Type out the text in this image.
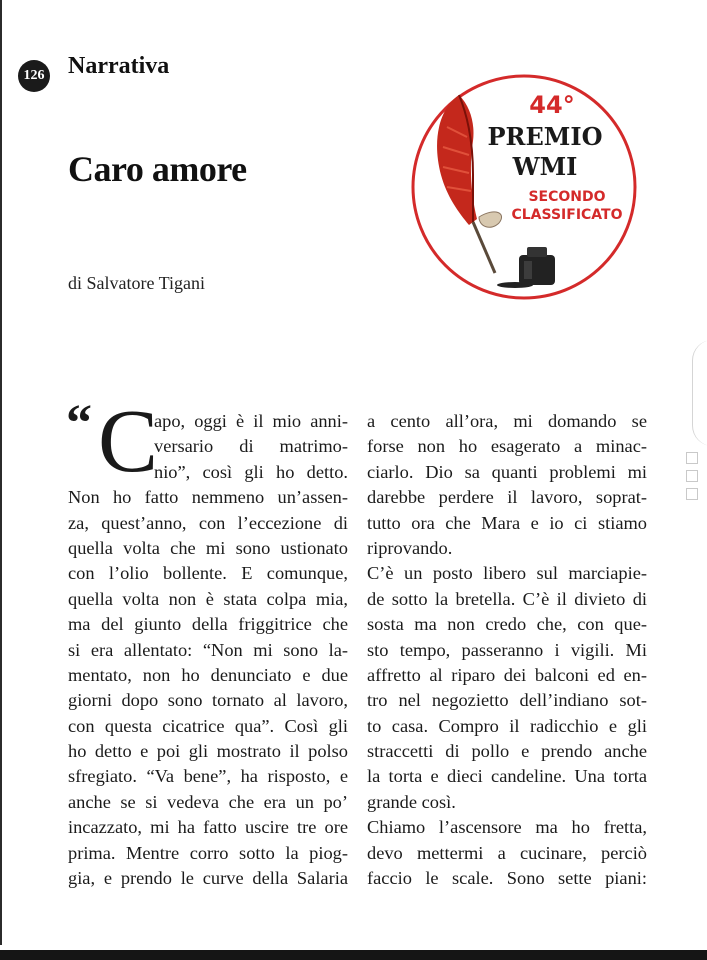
126 Narrativa
Caro amore
di Salvatore Tigani
44°
PREMIO
WMI
SECONDO
CLASSIFICATO
“ C
apo, oggi è il mio anni-
versario di matrimo-
nio”, così gli ho detto.
Non ho fatto nemmeno un’assen-
za, quest’anno, con l’eccezione di
quella volta che mi sono ustionato
con l’olio bollente. E comunque,
quella volta non è stata colpa mia,
ma del giunto della friggitrice che
si era allentato: “Non mi sono la-
mentato, non ho denunciato e due
giorni dopo sono tornato al lavoro,
con questa cicatrice qua”. Così gli
ho detto e poi gli mostrato il polso
sfregiato. “Va bene”, ha risposto, e
anche se si vedeva che era un po’
incazzato, mi ha fatto uscire tre ore
prima. Mentre corro sotto la piog-
gia, e prendo le curve della Salaria
a cento all’ora, mi domando se
forse non ho esagerato a minac-
ciarlo. Dio sa quanti problemi mi
darebbe perdere il lavoro, soprat-
tutto ora che Mara e io ci stiamo
riprovando.
C’è un posto libero sul marciapie-
de sotto la bretella. C’è il divieto di
sosta ma non credo che, con que-
sto tempo, passeranno i vigili. Mi
affretto al riparo dei balconi ed en-
tro nel negozietto dell’indiano sot-
to casa. Compro il radicchio e gli
straccetti di pollo e prendo anche
la torta e dieci candeline. Una torta
grande così.
Chiamo l’ascensore ma ho fretta,
devo mettermi a cucinare, perciò
faccio le scale. Sono sette piani:
